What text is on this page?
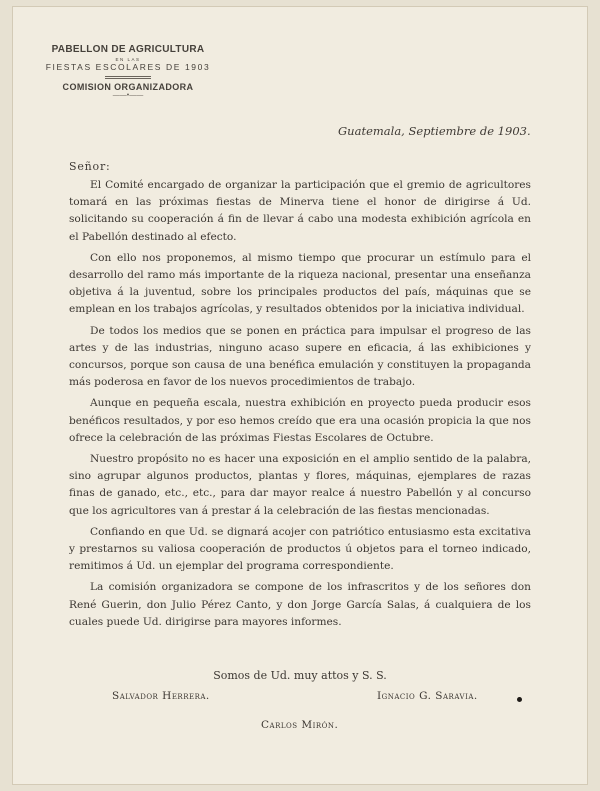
PABELLON DE AGRICULTURA
EN LAS
FIESTAS ESCOLARES DE 1903
COMISION ORGANIZADORA
——•——
Guatemala, Septiembre de 1903.
Señor:

El Comité encargado de organizar la participación que el gremio de agricultores tomará en las próximas fiestas de Minerva tiene el honor de dirigirse á Ud. solicitando su cooperación á fin de llevar á cabo una modesta exhibición agrícola en el Pabellón destinado al efecto.

Con ello nos proponemos, al mismo tiempo que procurar un estímulo para el desarrollo del ramo más importante de la riqueza nacional, presentar una enseñanza objetiva á la juventud, sobre los principales productos del país, máquinas que se emplean en los trabajos agrícolas, y resultados obtenidos por la iniciativa individual.

De todos los medios que se ponen en práctica para impulsar el progreso de las artes y de las industrias, ninguno acaso supere en eficacia, á las exhibiciones y concursos, porque son causa de una benéfica emulación y constituyen la propaganda más poderosa en favor de los nuevos procedimientos de trabajo.

Aunque en pequeña escala, nuestra exhibición en proyecto pueda producir esos benéficos resultados, y por eso hemos creído que era una ocasión propicia la que nos ofrece la celebración de las próximas Fiestas Escolares de Octubre.

Nuestro propósito no es hacer una exposición en el amplio sentido de la palabra, sino agrupar algunos productos, plantas y flores, máquinas, ejemplares de razas finas de ganado, etc., etc., para dar mayor realce á nuestro Pabellón y al concurso que los agricultores van á prestar á la celebración de las fiestas mencionadas.

Confiando en que Ud. se dignará acojer con patriótico entusiasmo esta excitativa y prestarnos su valiosa cooperación de productos ú objetos para el torneo indicado, remitimos á Ud. un ejemplar del programa correspondiente.

La comisión organizadora se compone de los infrascritos y de los señores don René Guerin, don Julio Pérez Canto, y don Jorge García Salas, á cualquiera de los cuales puede Ud. dirigirse para mayores informes.

Somos de Ud. muy attos y S. S.
Salvador Herrera.	Ignacio G. Saravia.
Carlos Mirón.
